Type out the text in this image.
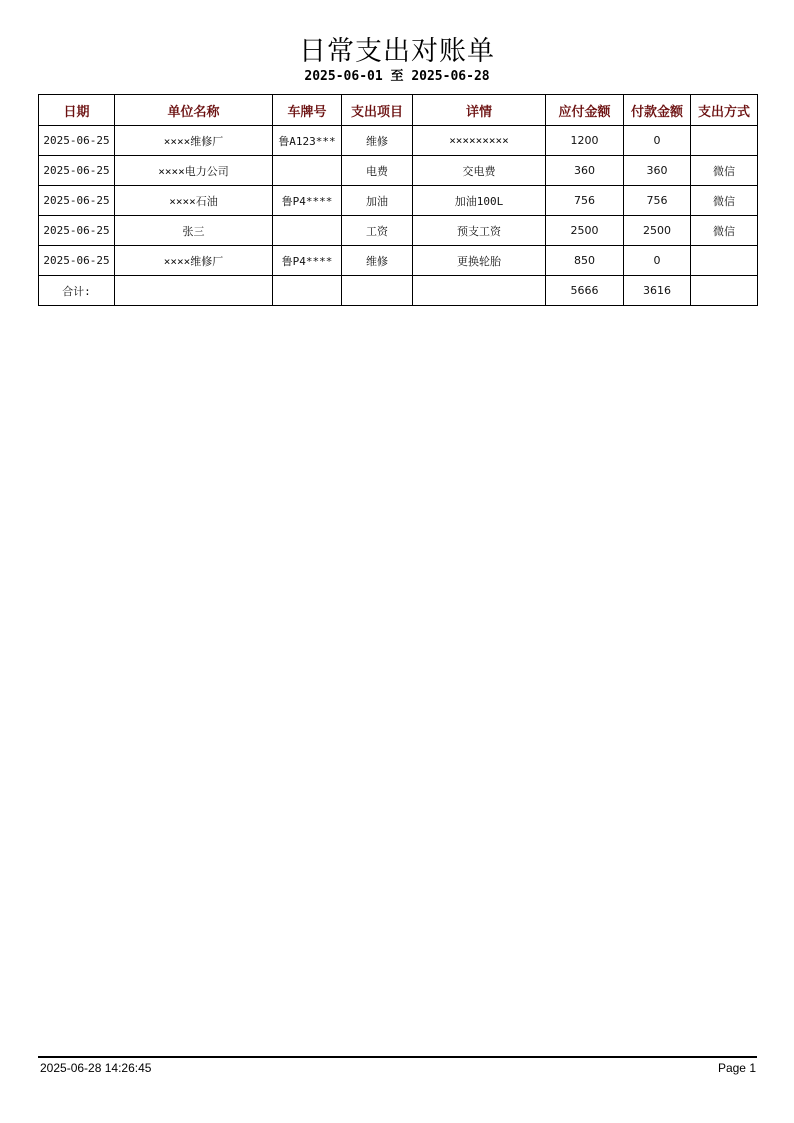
日常支出对账单
2025-06-01 至 2025-06-28
日期	单位名称	车牌号	支出项目	详情	应付金额	付款金额	支出方式
2025-06-25	××××维修厂	鲁A123***	维修	×××××××××	1200	0	
2025-06-25	××××电力公司		电费	交电费	360	360	微信
2025-06-25	××××石油	鲁P4****	加油	加油100L	756	756	微信
2025-06-25	张三		工资	预支工资	2500	2500	微信
2025-06-25	××××维修厂	鲁P4****	维修	更换轮胎	850	0	
合计:					5666	3616	
2025-06-28 14:26:45	Page 1
